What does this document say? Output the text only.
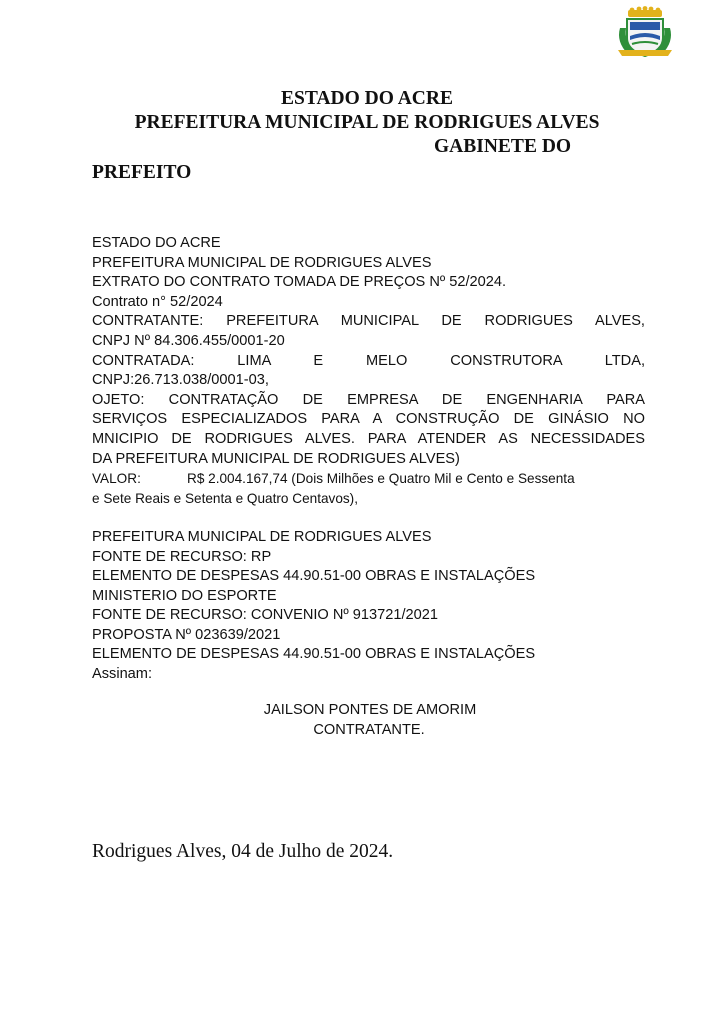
ESTADO DO ACRE
PREFEITURA MUNICIPAL DE RODRIGUES ALVES
GABINETE DO
PREFEITO

ESTADO DO ACRE

PREFEITURA MUNICIPAL DE RODRIGUES ALVES

EXTRATO DO CONTRATO TOMADA DE PREÇOS Nº 52/2024.

Contrato n° 52/2024

CONTRATANTE: PREFEITURA MUNICIPAL DE RODRIGUES ALVES,

CNPJ Nº 84.306.455/0001-20

CONTRATADA: LIMA E MELO CONSTRUTORA LTDA,

CNPJ:26.713.038/0001-03,

OJETO: CONTRATAÇÃO DE EMPRESA DE ENGENHARIA PARA

SERVIÇOS ESPECIALIZADOS PARA A CONSTRUÇÃO DE GINÁSIO NO

MNICIPIO DE RODRIGUES ALVES. PARA ATENDER AS NECESSIDADES

DA PREFEITURA MUNICIPAL DE RODRIGUES ALVES)

VALOR:	R$ 2.004.167,74 (Dois Milhões e Quatro Mil e Cento e Sessenta

e Sete Reais e Setenta e Quatro Centavos),

PREFEITURA MUNICIPAL DE RODRIGUES ALVES

FONTE DE RECURSO: RP

ELEMENTO DE DESPESAS 44.90.51-00 OBRAS E INSTALAÇÕES

MINISTERIO DO ESPORTE

FONTE DE RECURSO: CONVENIO Nº 913721/2021

PROPOSTA Nº 023639/2021

ELEMENTO DE DESPESAS 44.90.51-00 OBRAS E INSTALAÇÕES

Assinam:

JAILSON PONTES DE AMORIM

CONTRATANTE.

Rodrigues Alves, 04 de Julho de 2024.
